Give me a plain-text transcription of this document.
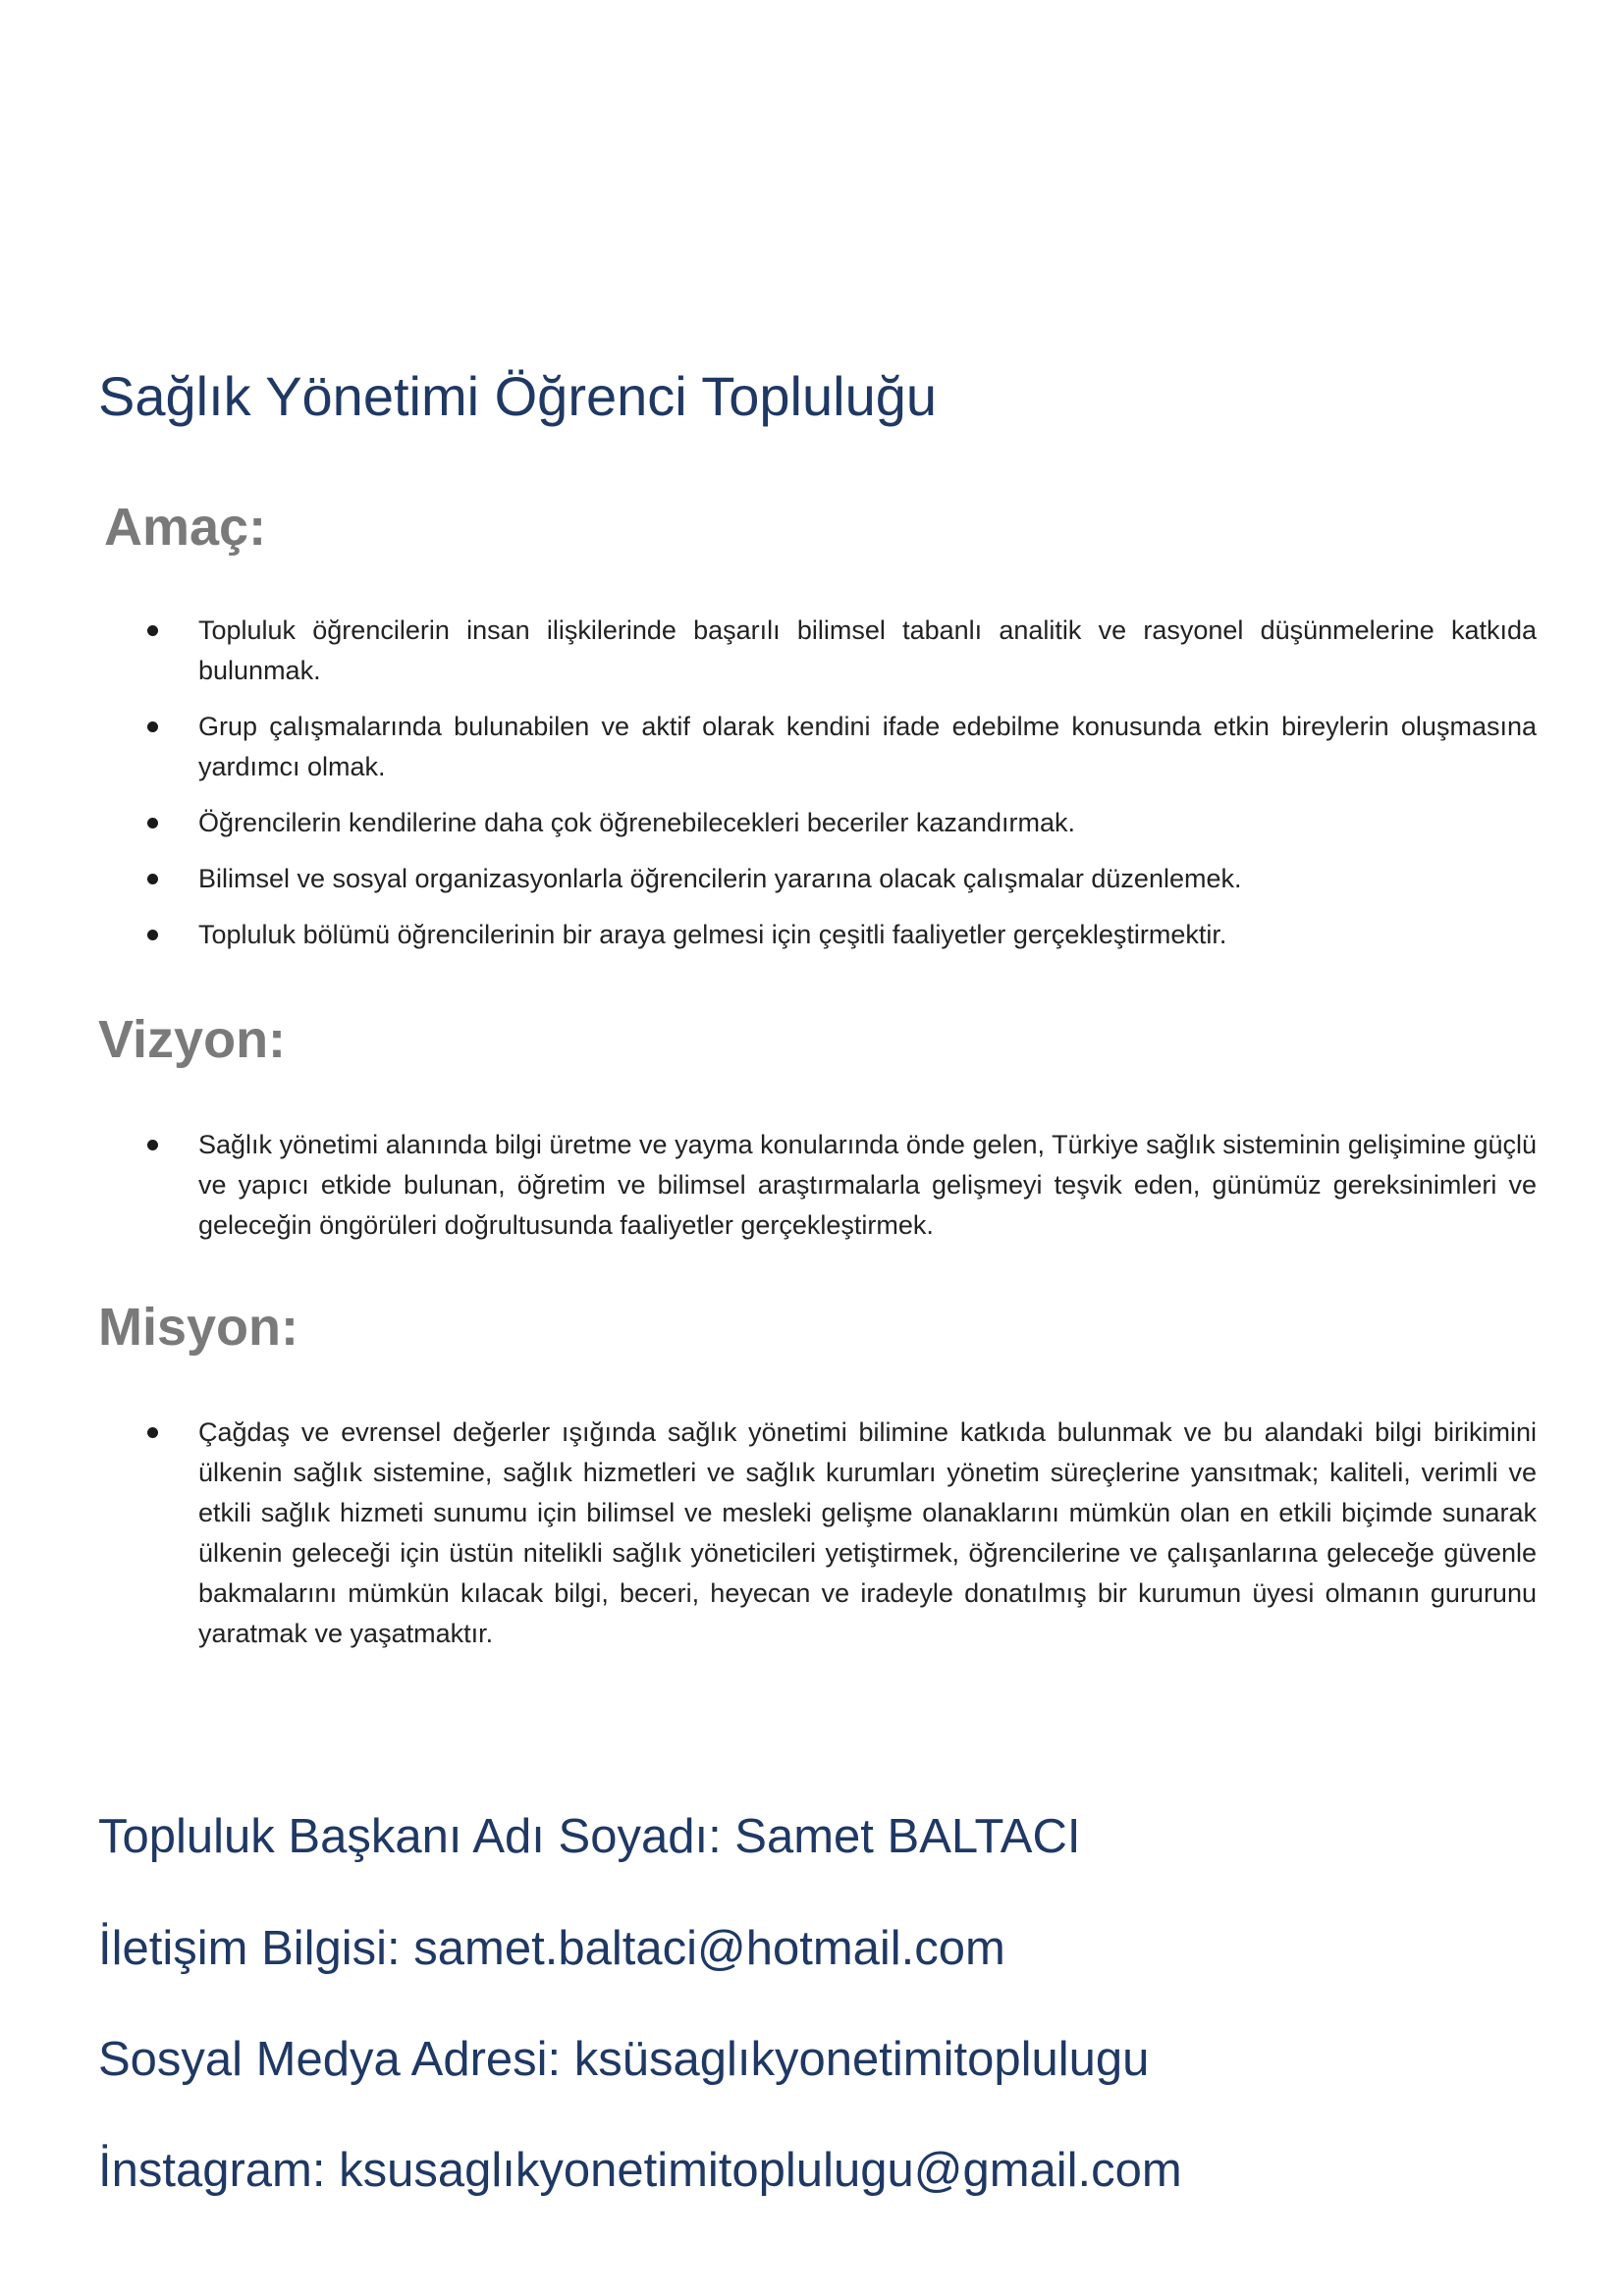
Sağlık Yönetimi Öğrenci Topluluğu
Amaç:
Topluluk öğrencilerin insan ilişkilerinde başarılı bilimsel tabanlı analitik ve rasyonel düşünmelerine katkıda bulunmak.
Grup çalışmalarında bulunabilen ve aktif olarak kendini ifade edebilme konusunda etkin bireylerin oluşmasına yardımcı olmak.
Öğrencilerin kendilerine daha çok öğrenebilecekleri beceriler kazandırmak.
Bilimsel ve sosyal organizasyonlarla öğrencilerin yararına olacak çalışmalar düzenlemek.
Topluluk bölümü öğrencilerinin bir araya gelmesi için çeşitli faaliyetler gerçekleştirmektir.
Vizyon:
Sağlık yönetimi alanında bilgi üretme ve yayma konularında önde gelen, Türkiye sağlık sisteminin gelişimine güçlü ve yapıcı etkide bulunan, öğretim ve bilimsel araştırmalarla gelişmeyi teşvik eden, günümüz gereksinimleri ve geleceğin öngörüleri doğrultusunda faaliyetler gerçekleştirmek.
Misyon:
Çağdaş ve evrensel değerler ışığında sağlık yönetimi bilimine katkıda bulunmak ve bu alandaki bilgi birikimini ülkenin sağlık sistemine, sağlık hizmetleri ve sağlık kurumları yönetim süreçlerine yansıtmak; kaliteli, verimli ve etkili sağlık hizmeti sunumu için bilimsel ve mesleki gelişme olanaklarını mümkün olan en etkili biçimde sunarak ülkenin geleceği için üstün nitelikli sağlık yöneticileri yetiştirmek, öğrencilerine ve çalışanlarına geleceğe güvenle bakmalarını mümkün kılacak bilgi, beceri, heyecan ve iradeyle donatılmış bir kurumun üyesi olmanın gururunu yaratmak ve yaşatmaktır.

Topluluk Başkanı Adı Soyadı: Samet BALTACI

İletişim Bilgisi: samet.baltaci@hotmail.com

Sosyal Medya Adresi: ksüsaglıkyonetimitoplulugu

İnstagram: ksusaglıkyonetimitoplulugu@gmail.com
